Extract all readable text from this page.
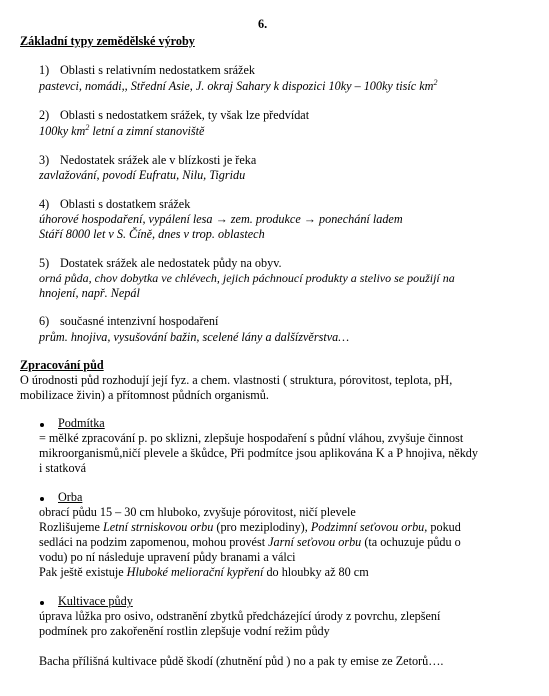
6.
Základní typy zemědělské výroby
1) Oblasti s relativním nedostatkem srážek
pastevci, nomádi,, Střední Asie, J. okraj Sahary k dispozici 10ky – 100ky tisíc $km^2$
2) Oblasti s nedostatkem srážek, ty však lze předvídat
100ky $km^2$ letní a zimní stanoviště
3) Nedostatek srážek ale v blízkosti je řeka
zavlažování, povodí Eufratu, Nilu, Tigridu
4) Oblasti s dostatkem srážek
úhorové hospodaření, vypálení lesa → zem. produkce → ponechání ladem
Stáří 8000 let v S. Číně, dnes v trop. oblastech
5) Dostatek srážek ale nedostatek půdy na obyv.
orná půda, chov dobytka ve chlévech, jejich páchnoucí produkty a stelivo se použijí na
hnojení, např. Nepál
6) současné intenzivní hospodaření
prům. hnojiva, vysušování bažin, scelené lány a dalšízvěrstva…
Zpracování půd
O úrodnosti půd rozhodují její fyz. a chem. vlastnosti ( struktura, pórovitost, teplota, pH,
mobilizace živin) a přítomnost půdních organismů.
Podmítka
= mělké zpracování p. po sklizni, zlepšuje hospodaření s půdní vláhou, zvyšuje činnost
mikroorganismů,ničí plevele a škůdce, Při podmítce jsou aplikována K a P hnojiva, někdy
i statková
Orba
obrací půdu 15 – 30 cm hluboko, zvyšuje pórovitost, ničí plevele
Rozlišujeme Letní strniskovou orbu (pro meziplodiny), Podzimní seťovou orbu, pokud
sedláci na podzim zapomenou, mohou provést Jarní seťovou orbu (ta ochuzuje půdu o
vodu) po ní následuje upravení půdy branami a válci
Pak ještě existuje Hluboké meliorační kypření do hloubky až 80 cm
Kultivace půdy
úprava lůžka pro osivo, odstranění zbytků předcházející úrody z povrchu, zlepšení
podmínek pro zakořenění rostlin zlepšuje vodní režim půdy
Bacha přílišná kultivace půdě škodí (zhutnění půd ) no a pak ty emise ze Zetorů….
